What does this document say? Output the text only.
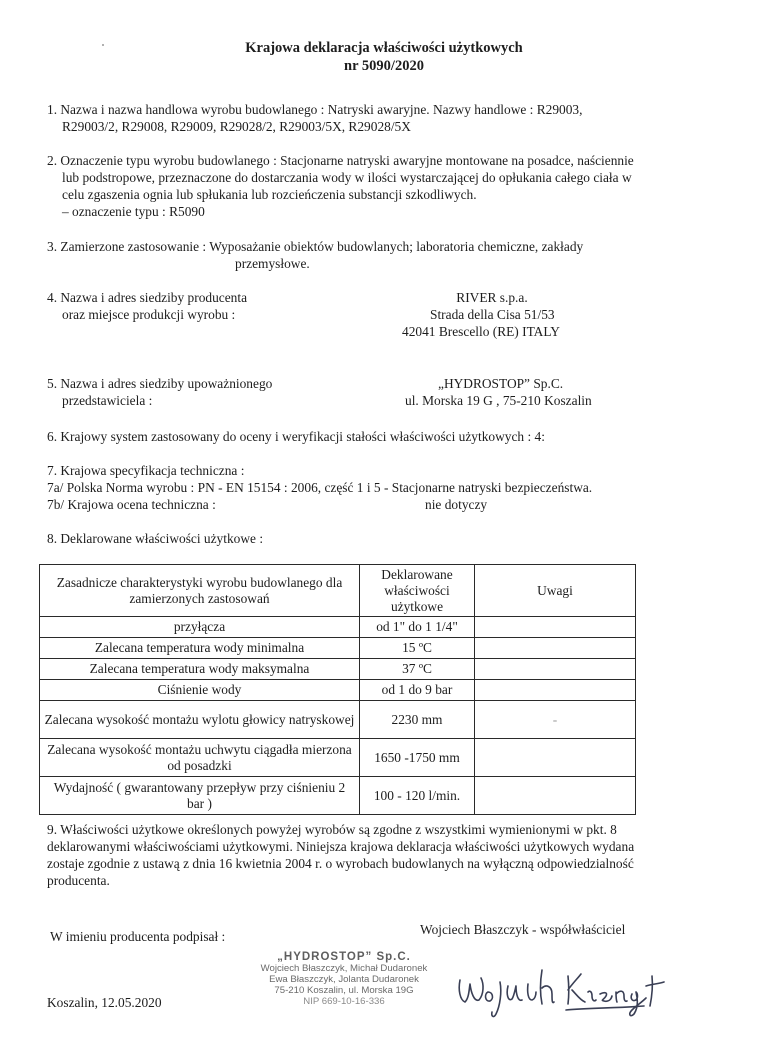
Krajowa deklaracja właściwości użytkowych
nr 5090/2020
1. Nazwa i nazwa handlowa wyrobu budowlanego : Natryski awaryjne. Nazwy handlowe : R29003,
R29003/2, R29008, R29009, R29028/2, R29003/5X, R29028/5X
2. Oznaczenie typu wyrobu budowlanego : Stacjonarne natryski awaryjne montowane na posadce, naściennie
lub podstropowe, przeznaczone do dostarczania wody w ilości wystarczającej do opłukania całego ciała w
celu zgaszenia ognia lub spłukania lub rozcieńczenia substancji szkodliwych.
– oznaczenie typu : R5090
3. Zamierzone zastosowanie : Wyposażanie obiektów budowlanych; laboratoria chemiczne, zakłady
przemysłowe.
4. Nazwa i adres siedziby producenta
oraz miejsce produkcji wyrobu :
RIVER s.p.a.
Strada della Cisa 51/53
42041 Brescello (RE) ITALY
5. Nazwa i adres siedziby upoważnionego
przedstawiciela :
„HYDROSTOP” Sp.C.
ul. Morska 19 G , 75-210 Koszalin
6. Krajowy system zastosowany do oceny i weryfikacji stałości właściwości użytkowych : 4:
7. Krajowa specyfikacja techniczna :
7a/ Polska Norma wyrobu : PN - EN 15154 : 2006, część 1 i 5 - Stacjonarne natryski bezpieczeństwa.
7b/ Krajowa ocena techniczna :	nie dotyczy
8. Deklarowane właściwości użytkowe :
Zasadnicze charakterystyki wyrobu budowlanego dla zamierzonych zastosowań	Deklarowane właściwości użytkowe	Uwagi
przyłącza	od 1" do 1 1/4"	
Zalecana temperatura wody minimalna	15 ºC	
Zalecana temperatura wody maksymalna	37 ºC	
Ciśnienie wody	od 1 do 9 bar	
Zalecana wysokość montażu wylotu głowicy natryskowej	2230 mm	-
Zalecana wysokość montażu uchwytu ciągadła mierzona od posadzki	1650 -1750 mm	
Wydajność ( gwarantowany przepływ przy ciśnieniu 2 bar )	100 - 120 l/min.	
9. Właściwości użytkowe określonych powyżej wyrobów są zgodne z wszystkimi wymienionymi w pkt. 8
deklarowanymi właściwościami użytkowymi. Niniejsza krajowa deklaracja właściwości użytkowych wydana
zostaje zgodnie z ustawą z dnia 16 kwietnia 2004 r. o wyrobach budowlanych na wyłączną odpowiedzialność
producenta.
W imieniu producenta podpisał :	Wojciech Błaszczyk - współwłaściciel
Koszalin, 12.05.2020
„HYDROSTOP” Sp.C.
Wojciech Błaszczyk, Michał Dudaronek
Ewa Błaszczyk, Jolanta Dudaronek
75-210 Koszalin, ul. Morska 19G
NIP 669-10-16-336
